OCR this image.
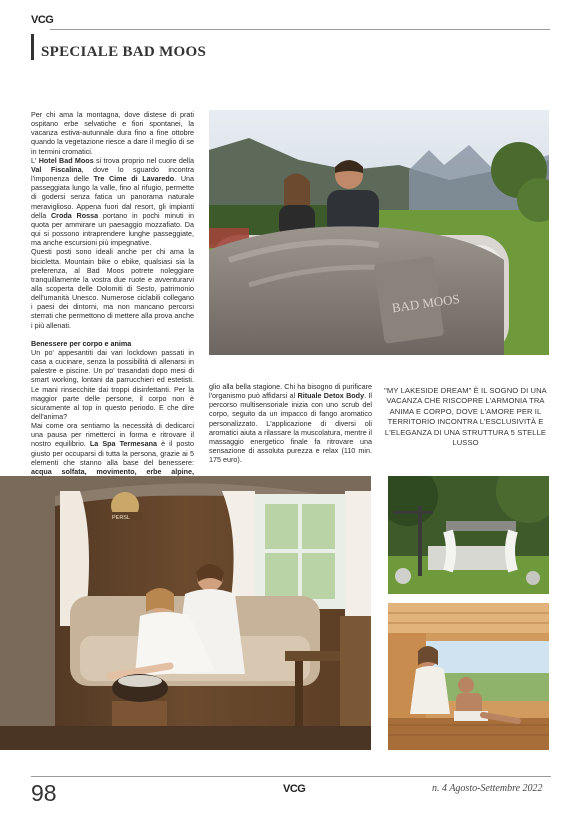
VCG
SPECIALE BAD MOOS

Per chi ama la montagna, dove distese di prati ospitano erbe selvatiche e fiori spontanei, la vacanza estiva-autunnale dura fino a fine ottobre quando la vegetazione riesce a dare il meglio di se in termini cromatici.

L' Hotel Bad Moos si trova proprio nel cuore della Val Fiscalina, dove lo sguardo incontra l'imponenza delle Tre Cime di Lavaredo. Una passeggiata lungo la valle, fino al rifugio, permette di godersi senza fatica un panorama naturale meraviglioso. Appena fuori dal resort, gli impianti della Croda Rossa portano in pochi minuti in quota per ammirare un paesaggio mozzafiato. Da qui si possono intraprendere lunghe passeggiate, ma anche escursioni più impegnative.

Questi posti sono ideali anche per chi ama la bicicletta. Mountain bike o ebike, qualsiasi sia la preferenza, al Bad Moos potrete noleggiare tranquillamente la vostra due ruote e avventurarvi alla scoperta delle Dolomiti di Sesto, patrimonio dell'umanità Unesco. Numerose ciclabili collegano i paesi dei dintorni, ma non mancano percorsi sterrati che permettono di mettere alla prova anche i più allenati.

Benessere per corpo e anima

Un po' appesantiti dai vari lockdown passati in casa a cucinare, senza la possibilità di allenarsi in palestre e piscine. Un po' trasandati dopo mesi di smart working, lontani da parrucchieri ed estetisti. Le mani rinsecchite dai troppi disinfettanti. Per la maggior parte delle persone, il corpo non è sicuramente al top in questo periodo. E che dire dell'anima?

Mai come ora sentiamo la necessità di dedicarci una pausa per rimetterci in forma e ritrovare il nostro equilibrio. La Spa Termesana è il posto giusto per occuparsi di tutta la persona, grazie ai 5 elementi che stanno alla base del benessere: acqua solfata, movimento, erbe alpine,

glio alla bella stagione. Chi ha bisogno di purificare l'organismo può affidarsi al Rituale Detox Body. Il percorso multisensoriale inizia con uno scrub del corpo, seguito da un impacco di fango aromatico personalizzato. L'applicazione di diversi oli aromatici aiuta a rilassare la muscolatura, mentre il massaggio energetico finale fa ritrovare una sensazione di assoluta purezza e relax (110 min. 175 euro).

"MY LAKESIDE DREAM" È IL SOGNO DI UNA VACANZA CHE RISCOPRE L'ARMONIA TRA ANIMA E CORPO, DOVE L'AMORE PER IL TERRITORIO INCONTRA L'ESCLUSIVITÀ E L'ELEGANZA DI UNA STRUTTURA 5 STELLE LUSSO
BAD MOOS
PERSL
98	VCG	n. 4 Agosto-Settembre 2022
